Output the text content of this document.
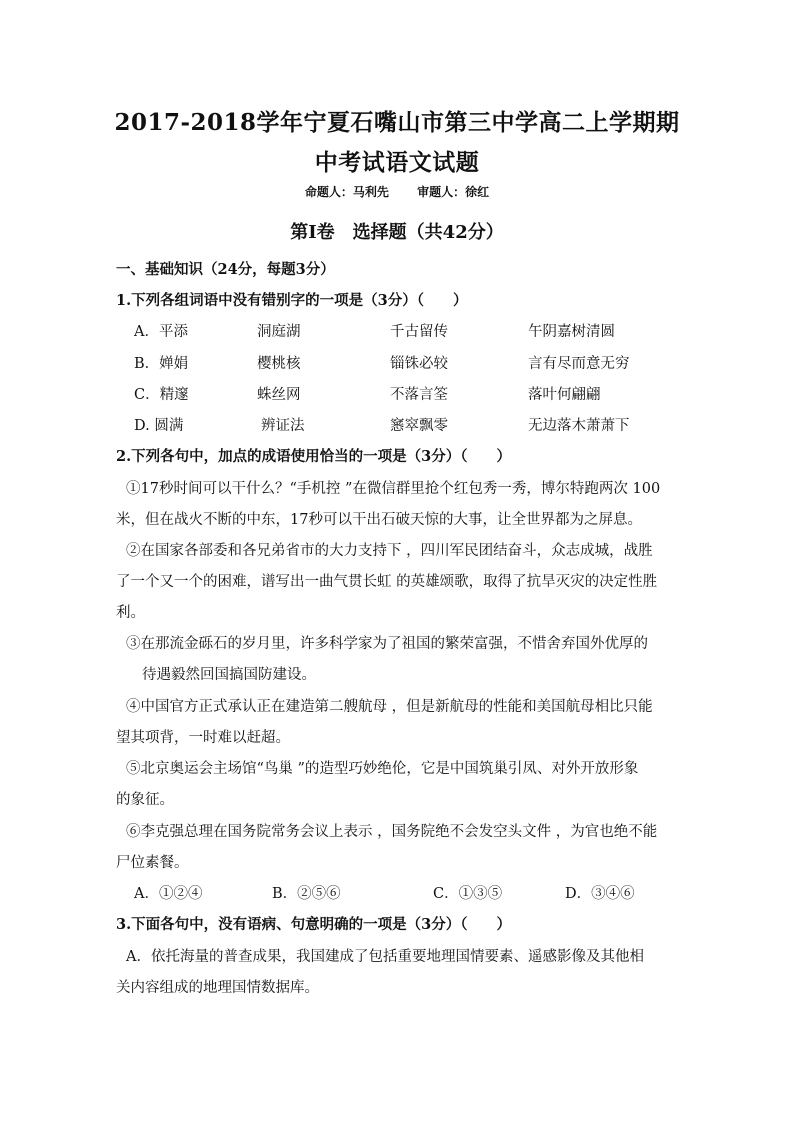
2017-2018学年宁夏石嘴山市第三中学高二上学期期
中考试语文试题
命题人：马利先 审题人：徐红
第Ⅰ卷　选择题（共42分）
一、基础知识（24分，每题3分）
1.下列各组词语中没有错别字的一项是（3分）（　　）
A．平添	洞庭湖	千古留传	午阴嘉树清圆
B．婵娟	樱桃核	锱铢必较	言有尽而意无穷
C．精邃	蛛丝网	不落言筌	落叶何翩翩
D. 圆满	辨证法	窸窣飘零	无边落木萧萧下
2.下列各句中，加点的成语使用恰当的一项是（3分）（　　）
①17秒时间可以干什么？“手机控 ”在微信群里抢个红包秀一秀，博尔特跑两次 100
米，但在战火不断的中东，17秒可以干出石破天惊的大事，让全世界都为之屏息。
②在国家各部委和各兄弟省市的大力支持下 ，四川军民团结奋斗，众志成城，战胜
了一个又一个的困难，谱写出一曲气贯长虹 的英雄颂歌，取得了抗旱灭灾的决定性胜
利。
③在那流金砾石的岁月里，许多科学家为了祖国的繁荣富强，不惜舍弃国外优厚的
待遇毅然回国搞国防建设。
④中国官方正式承认正在建造第二艘航母 ，但是新航母的性能和美国航母相比只能
望其项背，一时难以赶超。
⑤北京奥运会主场馆“鸟巢 ”的造型巧妙绝伦，它是中国筑巢引凤、对外开放形象
的象征。
⑥李克强总理在国务院常务会议上表示 ，国务院绝不会发空头文件 ，为官也绝不能
尸位素餐。
A．①②④	B．②⑤⑥	C．①③⑤	D．③④⑥
3.下面各句中，没有语病、句意明确的一项是（3分）（　　）
A．依托海量的普查成果，我国建成了包括重要地理国情要素、遥感影像及其他相
关内容组成的地理国情数据库。
